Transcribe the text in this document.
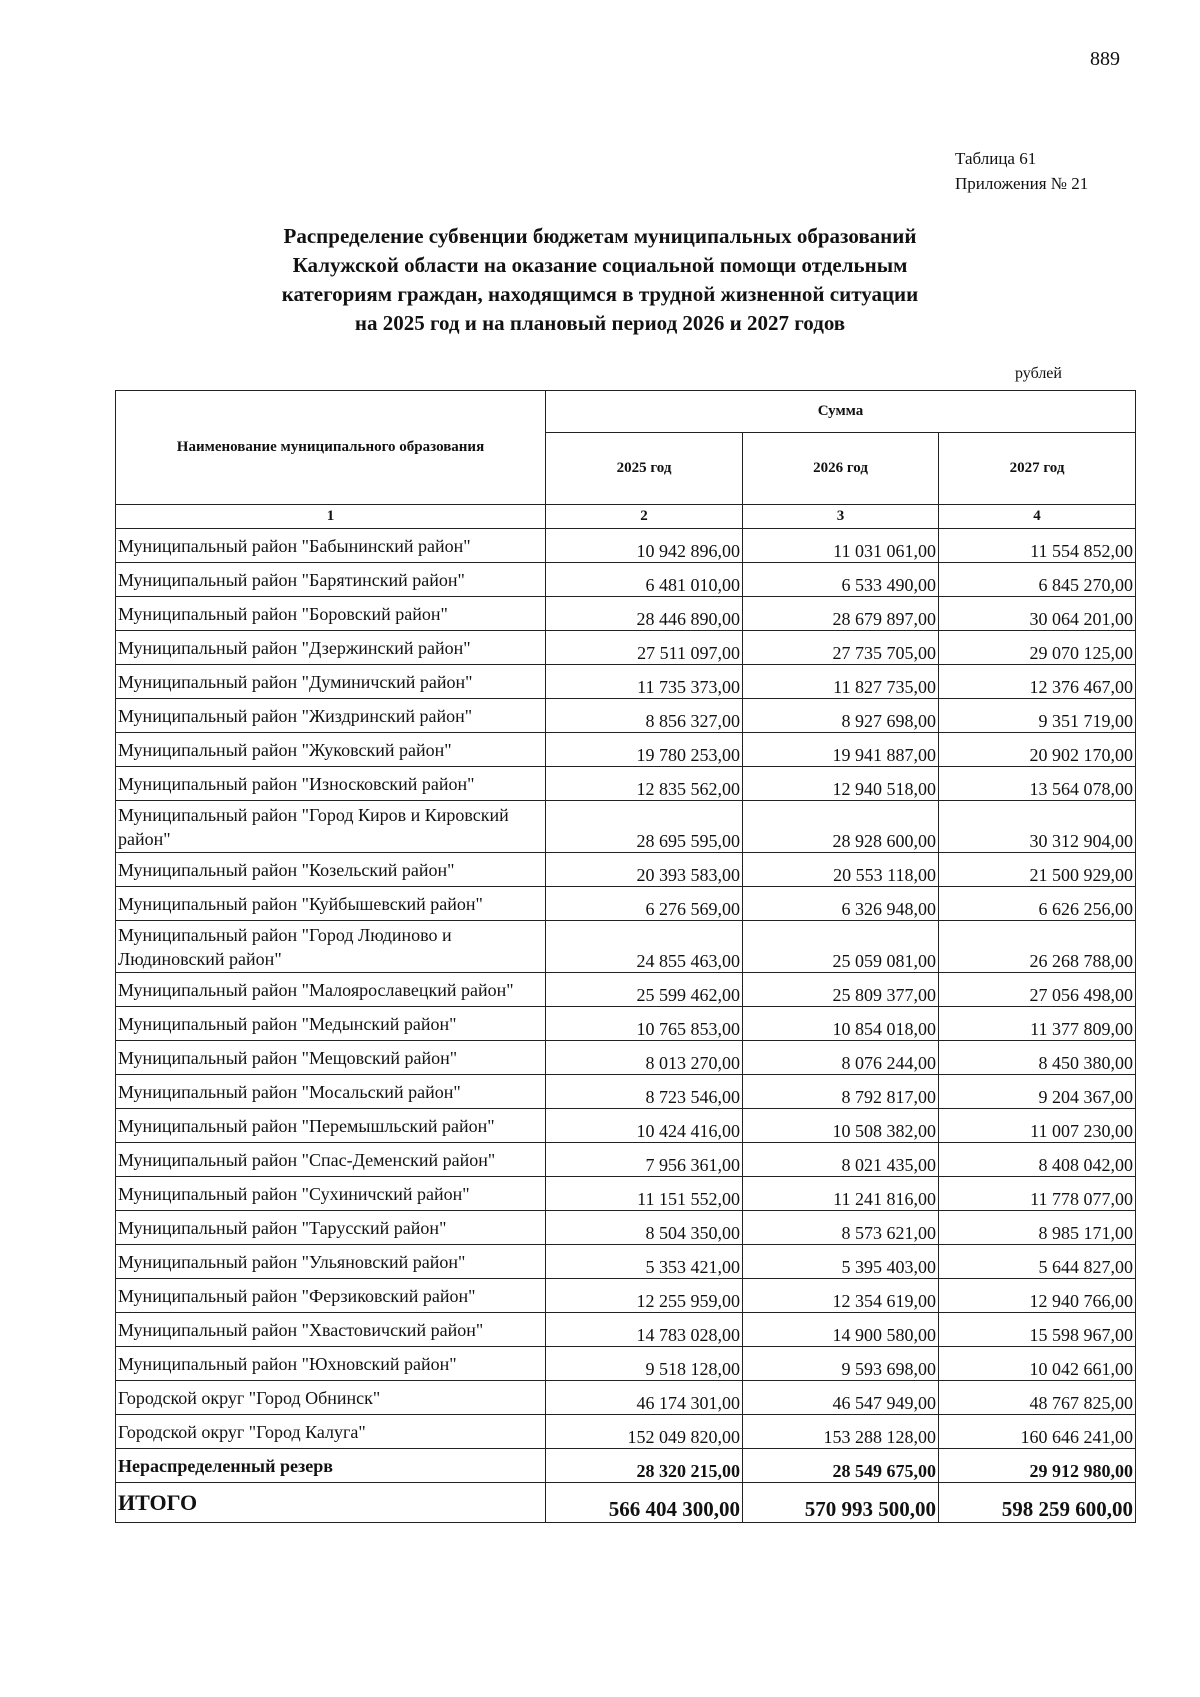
889
Таблица 61
Приложения № 21
Распределение субвенции бюджетам муниципальных образований
Калужской области на оказание социальной помощи отдельным
категориям граждан, находящимся в трудной жизненной ситуации
на 2025 год и на плановый период 2026 и 2027 годов
рублей
Наименование муниципального образования	Сумма		
	2025 год	2026 год	2027 год
1	2	3	4
Муниципальный район "Бабынинский район"	10 942 896,00	11 031 061,00	11 554 852,00
Муниципальный район "Барятинский район"	6 481 010,00	6 533 490,00	6 845 270,00
Муниципальный район "Боровский район"	28 446 890,00	28 679 897,00	30 064 201,00
Муниципальный район "Дзержинский район"	27 511 097,00	27 735 705,00	29 070 125,00
Муниципальный район "Думиничский район"	11 735 373,00	11 827 735,00	12 376 467,00
Муниципальный район "Жиздринский район"	8 856 327,00	8 927 698,00	9 351 719,00
Муниципальный район "Жуковский район"	19 780 253,00	19 941 887,00	20 902 170,00
Муниципальный район "Износковский район"	12 835 562,00	12 940 518,00	13 564 078,00
Муниципальный район "Город Киров и Кировский район"	28 695 595,00	28 928 600,00	30 312 904,00
Муниципальный район "Козельский район"	20 393 583,00	20 553 118,00	21 500 929,00
Муниципальный район "Куйбышевский район"	6 276 569,00	6 326 948,00	6 626 256,00
Муниципальный район "Город Людиново и Людиновский район"	24 855 463,00	25 059 081,00	26 268 788,00
Муниципальный район "Малоярославецкий район"	25 599 462,00	25 809 377,00	27 056 498,00
Муниципальный район "Медынский район"	10 765 853,00	10 854 018,00	11 377 809,00
Муниципальный район "Мещовский район"	8 013 270,00	8 076 244,00	8 450 380,00
Муниципальный район "Мосальский район"	8 723 546,00	8 792 817,00	9 204 367,00
Муниципальный район "Перемышльский район"	10 424 416,00	10 508 382,00	11 007 230,00
Муниципальный район "Спас-Деменский район"	7 956 361,00	8 021 435,00	8 408 042,00
Муниципальный район "Сухиничский район"	11 151 552,00	11 241 816,00	11 778 077,00
Муниципальный район "Тарусский район"	8 504 350,00	8 573 621,00	8 985 171,00
Муниципальный район "Ульяновский район"	5 353 421,00	5 395 403,00	5 644 827,00
Муниципальный район "Ферзиковский район"	12 255 959,00	12 354 619,00	12 940 766,00
Муниципальный район "Хвастовичский район"	14 783 028,00	14 900 580,00	15 598 967,00
Муниципальный район "Юхновский район"	9 518 128,00	9 593 698,00	10 042 661,00
Городской округ "Город Обнинск"	46 174 301,00	46 547 949,00	48 767 825,00
Городской округ "Город Калуга"	152 049 820,00	153 288 128,00	160 646 241,00
Нераспределенный резерв	28 320 215,00	28 549 675,00	29 912 980,00
ИТОГО	566 404 300,00	570 993 500,00	598 259 600,00
